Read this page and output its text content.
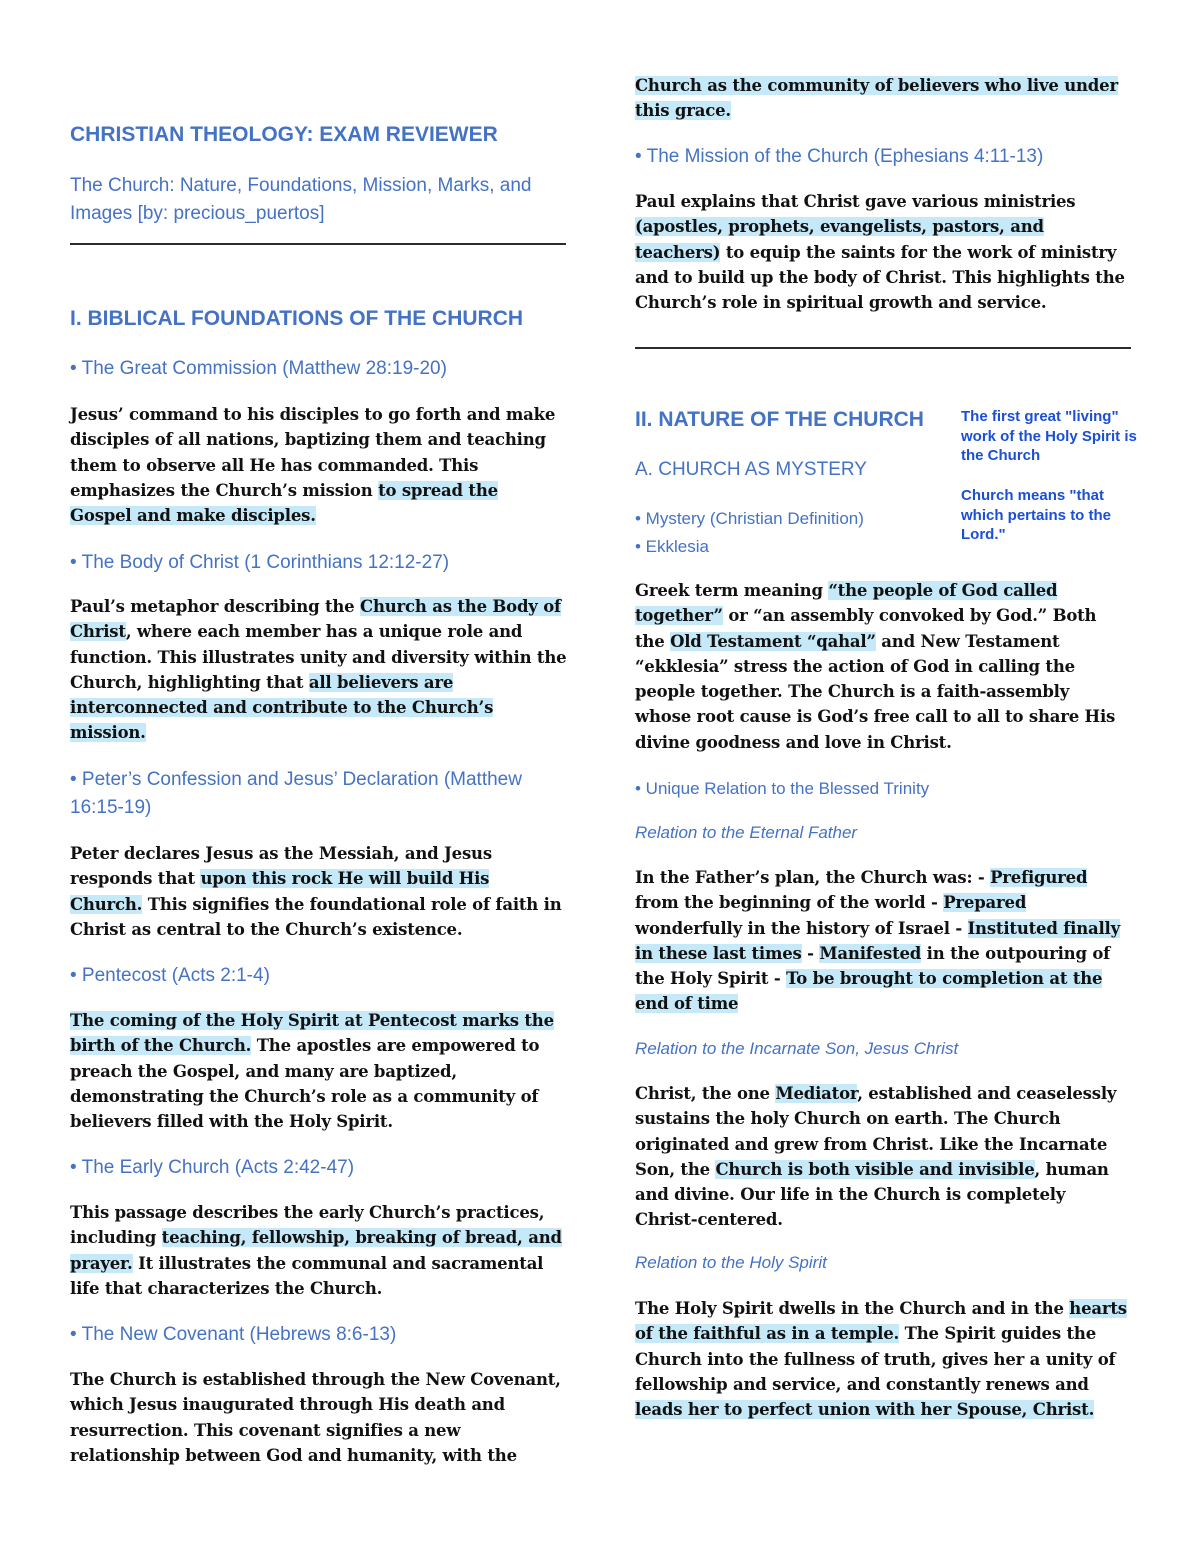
CHRISTIAN THEOLOGY: EXAM REVIEWER
The Church: Nature, Foundations, Mission, Marks, and Images [by: precious_puertos]
I. BIBLICAL FOUNDATIONS OF THE CHURCH
• The Great Commission (Matthew 28:19-20)
Jesus’ command to his disciples to go forth and make disciples of all nations, baptizing them and teaching them to observe all He has commanded. This emphasizes the Church’s mission to spread the Gospel and make disciples.
• The Body of Christ (1 Corinthians 12:12-27)
Paul’s metaphor describing the Church as the Body of Christ, where each member has a unique role and function. This illustrates unity and diversity within the Church, highlighting that all believers are interconnected and contribute to the Church’s mission.
• Peter’s Confession and Jesus’ Declaration (Matthew 16:15-19)
Peter declares Jesus as the Messiah, and Jesus responds that upon this rock He will build His Church. This signifies the foundational role of faith in Christ as central to the Church’s existence.
• Pentecost (Acts 2:1-4)
The coming of the Holy Spirit at Pentecost marks the birth of the Church. The apostles are empowered to preach the Gospel, and many are baptized, demonstrating the Church’s role as a community of believers filled with the Holy Spirit.
• The Early Church (Acts 2:42-47)
This passage describes the early Church’s practices, including teaching, fellowship, breaking of bread, and prayer. It illustrates the communal and sacramental life that characterizes the Church.
• The New Covenant (Hebrews 8:6-13)
The Church is established through the New Covenant, which Jesus inaugurated through His death and resurrection. This covenant signifies a new relationship between God and humanity, with the
Church as the community of believers who live under this grace.
• The Mission of the Church (Ephesians 4:11-13)
Paul explains that Christ gave various ministries (apostles, prophets, evangelists, pastors, and teachers) to equip the saints for the work of ministry and to build up the body of Christ. This highlights the Church’s role in spiritual growth and service.
II. NATURE OF THE CHURCH The first great "living" work of the Holy Spirit is the Church
Church means "that which pertains to the Lord."
A. CHURCH AS MYSTERY
• Mystery (Christian Definition)
• Ekklesia
Greek term meaning “the people of God called together” or “an assembly convoked by God.” Both the Old Testament “qahal” and New Testament “ekklesia” stress the action of God in calling the people together. The Church is a faith-assembly whose root cause is God’s free call to all to share His divine goodness and love in Christ.
• Unique Relation to the Blessed Trinity
Relation to the Eternal Father
In the Father’s plan, the Church was: - Prefigured from the beginning of the world - Prepared wonderfully in the history of Israel - Instituted finally in these last times - Manifested in the outpouring of the Holy Spirit - To be brought to completion at the end of time
Relation to the Incarnate Son, Jesus Christ
Christ, the one Mediator, established and ceaselessly sustains the holy Church on earth. The Church originated and grew from Christ. Like the Incarnate Son, the Church is both visible and invisible, human and divine. Our life in the Church is completely Christ-centered.
Relation to the Holy Spirit
The Holy Spirit dwells in the Church and in the hearts of the faithful as in a temple. The Spirit guides the Church into the fullness of truth, gives her a unity of fellowship and service, and constantly renews and leads her to perfect union with her Spouse, Christ.
